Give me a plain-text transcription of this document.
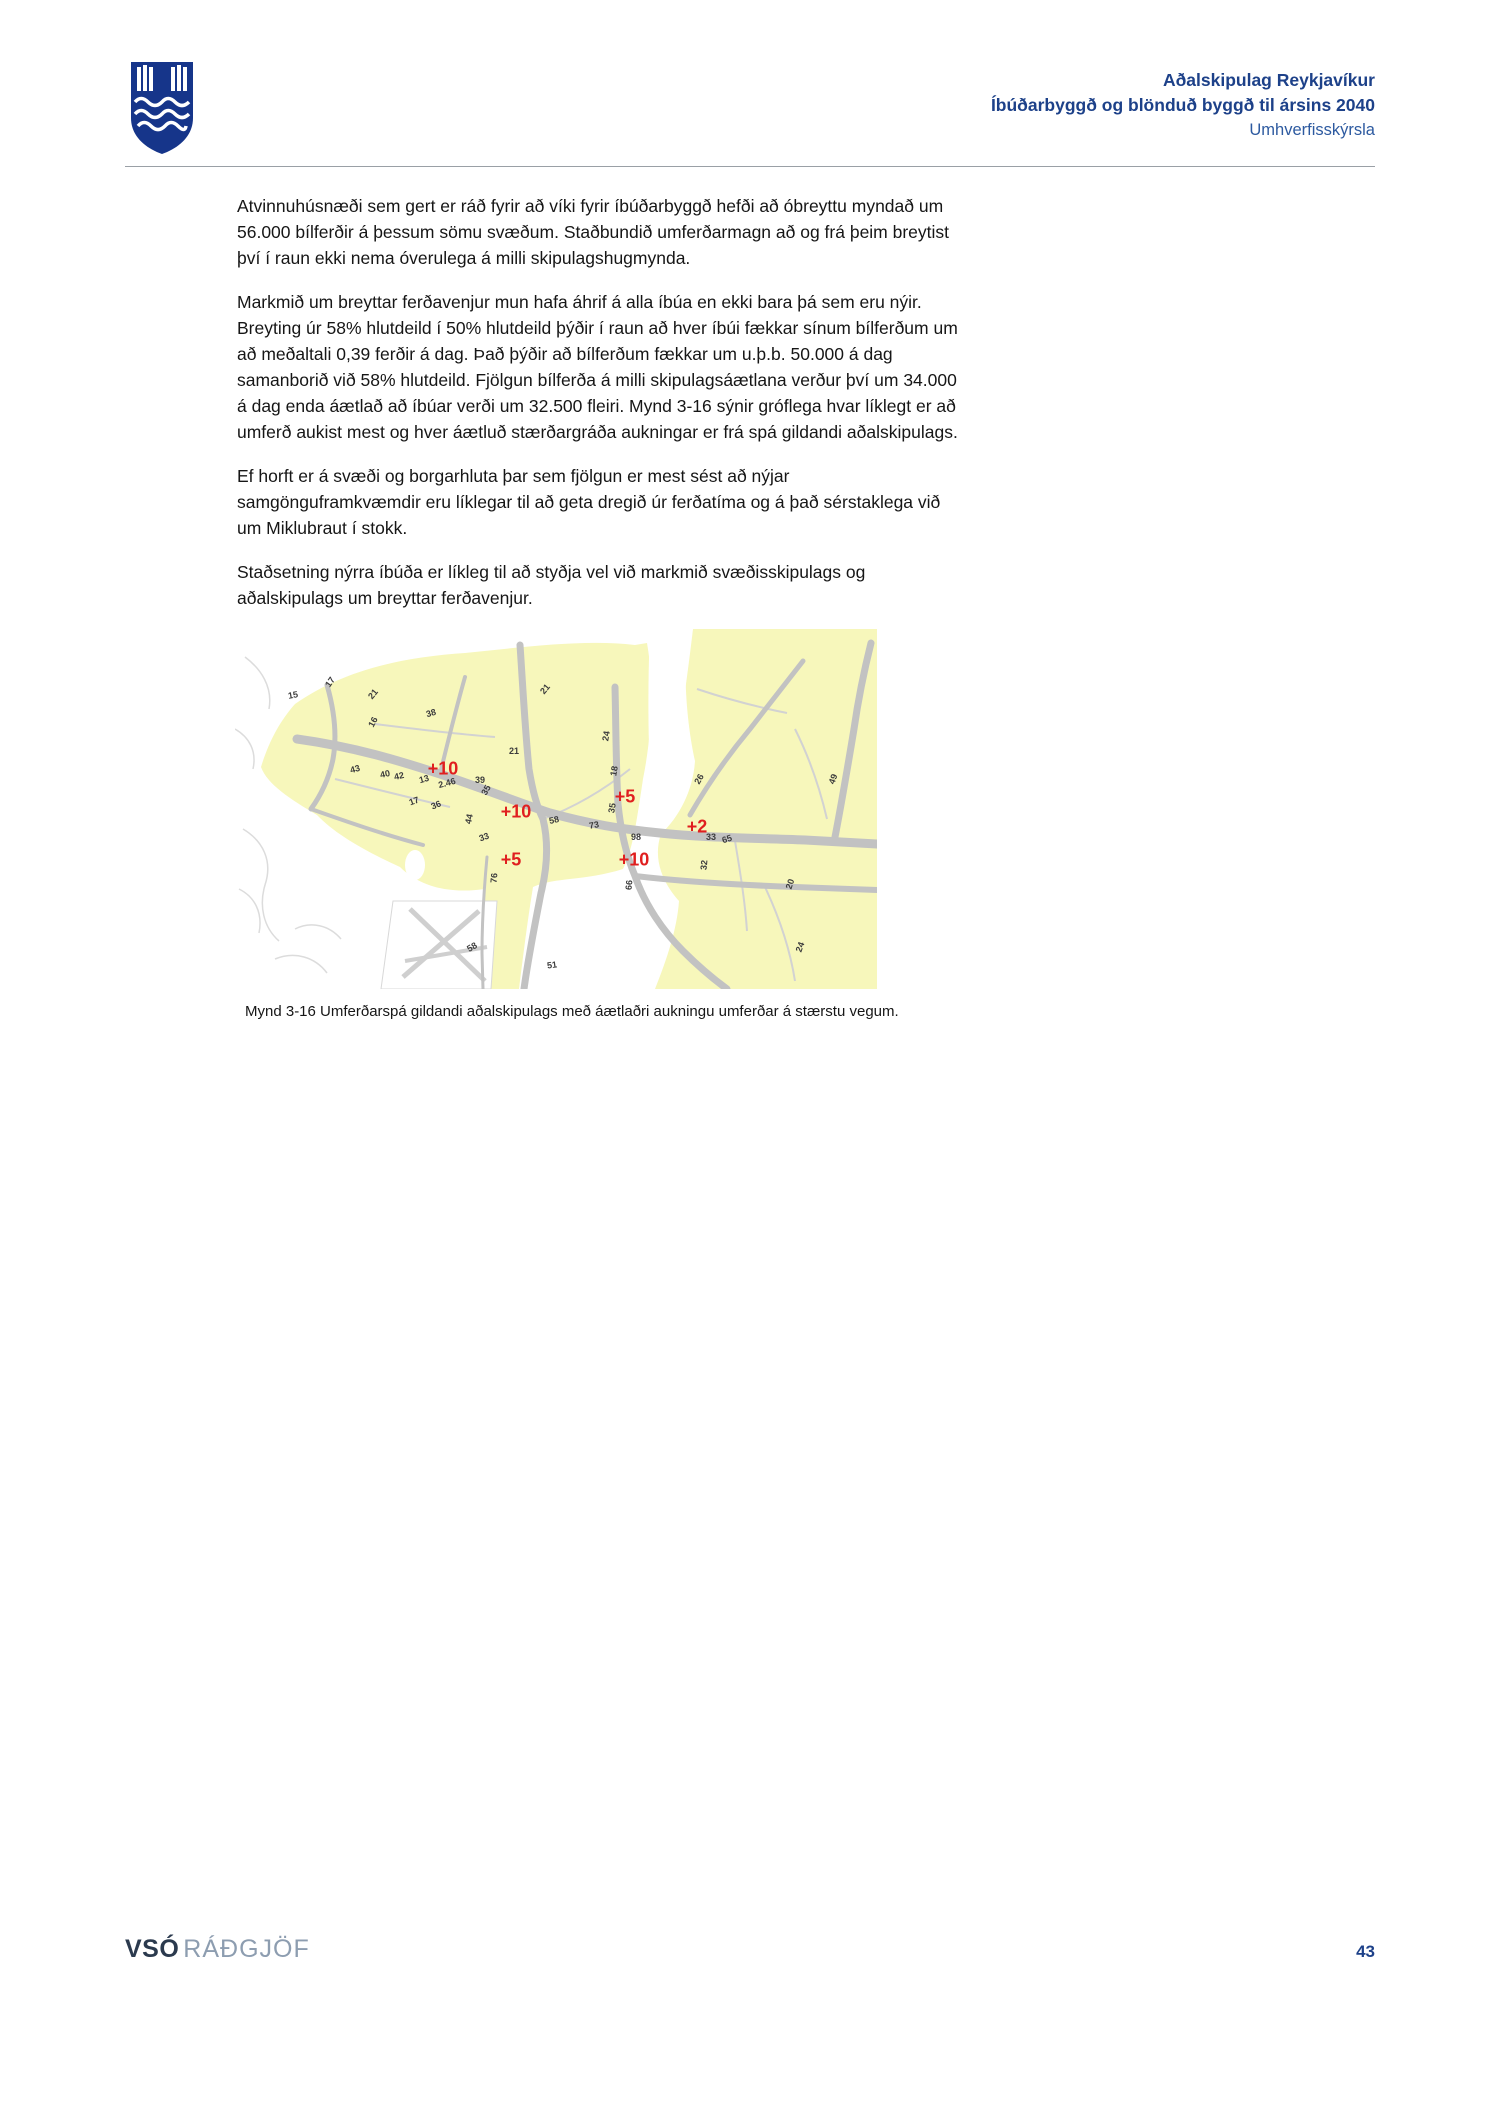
Aðalskipulag Reykjavíkur
Íbúðarbyggð og blönduð byggð til ársins 2040
Umhverfisskýrsla

Atvinnuhúsnæði sem gert er ráð fyrir að víki fyrir íbúðarbyggð hefði að óbreyttu myndað um 56.000 bílferðir á þessum sömu svæðum. Staðbundið umferðarmagn að og frá þeim breytist því í raun ekki nema óverulega á milli skipulagshugmynda.

Markmið um breyttar ferðavenjur mun hafa áhrif á alla íbúa en ekki bara þá sem eru nýir. Breyting úr 58% hlutdeild í 50% hlutdeild þýðir í raun að hver íbúi fækkar sínum bílferðum um að meðaltali 0,39 ferðir á dag. Það þýðir að bílferðum fækkar um u.þ.b. 50.000 á dag samanborið við 58% hlutdeild. Fjölgun bílferða á milli skipulagsáætlana verður því um 34.000 á dag enda áætlað að íbúar verði um 32.500 fleiri. Mynd 3-16 sýnir gróflega hvar líklegt er að umferð aukist mest og hver áætluð stærðargráða aukningar er frá spá gildandi aðalskipulags.

Ef horft er á svæði og borgarhluta þar sem fjölgun er mest sést að nýjar samgönguframkvæmdir eru líklegar til að geta dregið úr ferðatíma og á það sérstaklega við um Miklubraut í stokk.

Staðsetning nýrra íbúða er líkleg til að styðja vel við markmið svæðisskipulags og aðalskipulags um breyttar ferðavenjur.

+10
+10
+5
+2
+5	+10
15
17
21
16
38
21
21
24
18
43 40 42 13 2.46 39
17 36
35
44
33
58	73
35
98
26
33 65
32
49
20
24
66
76
58
51
Mynd 3-16 Umferðarspá gildandi aðalskipulags með áætlaðri aukningu umferðar á stærstu vegum.
VSÓ RÁÐGJÖF	43
